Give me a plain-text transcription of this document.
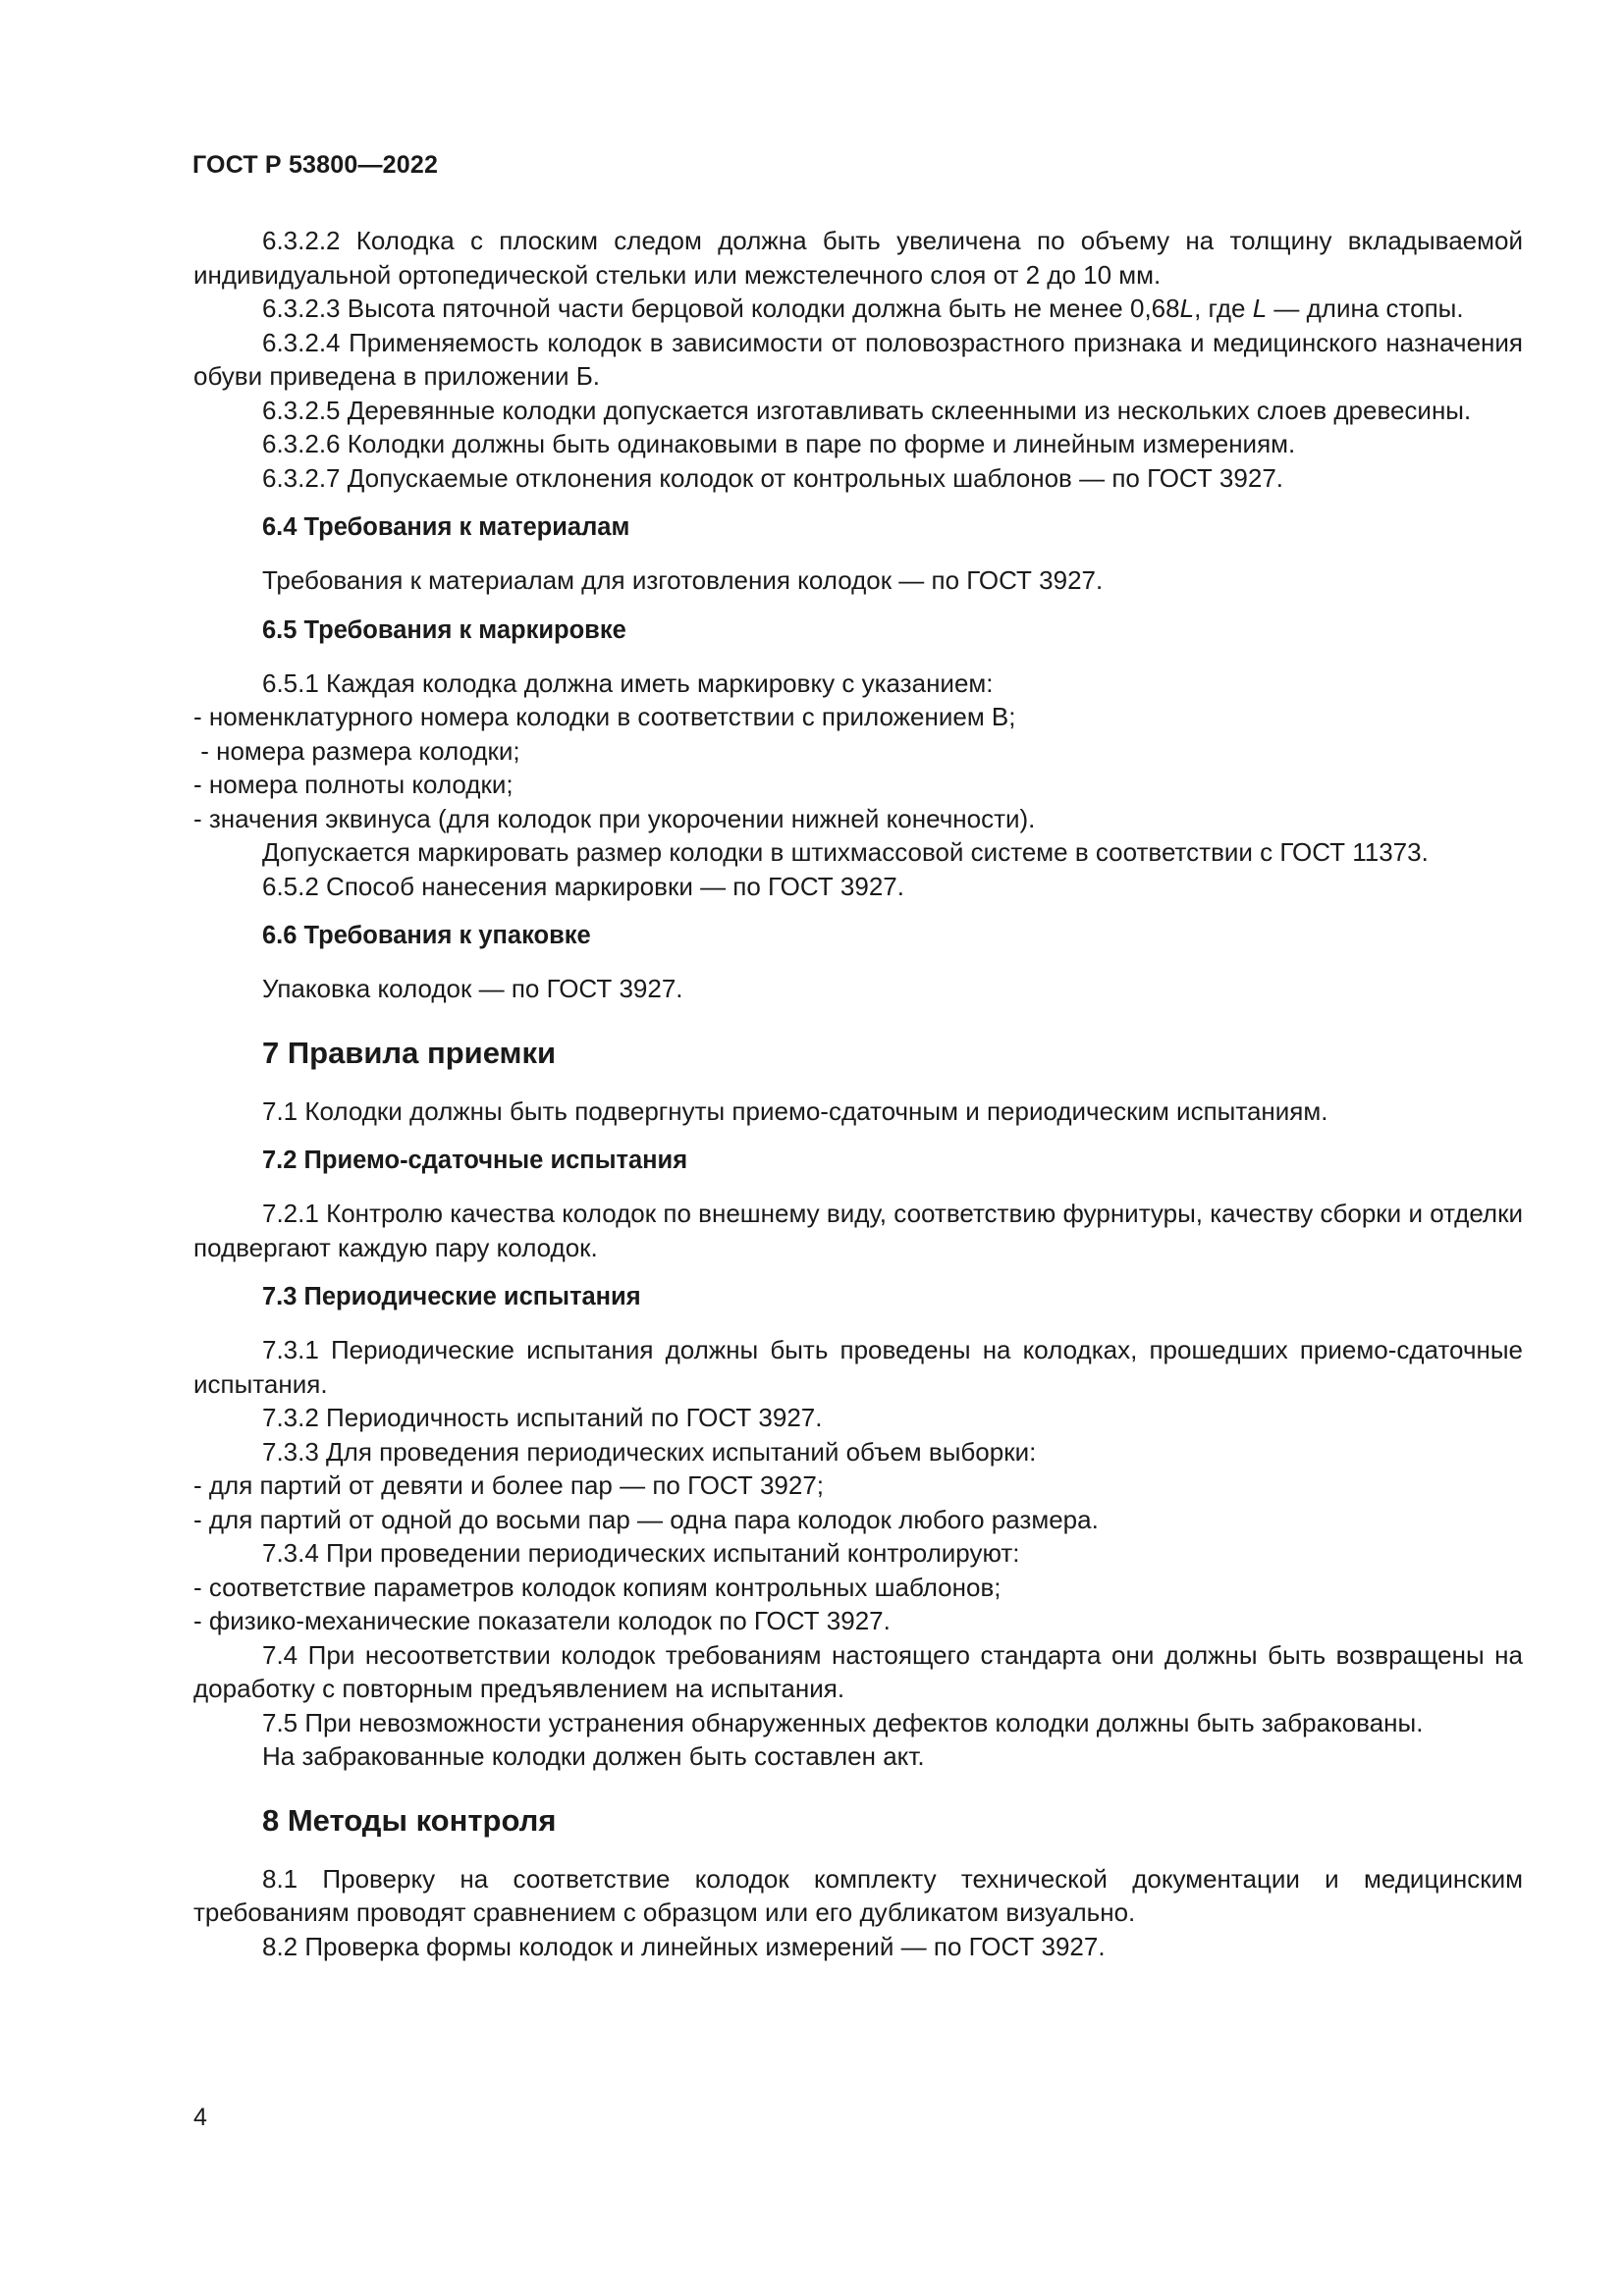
ГОСТ Р 53800—2022

6.3.2.2 Колодка с плоским следом должна быть увеличена по объему на толщину вкладываемой индивидуальной ортопедической стельки или межстелечного слоя от 2 до 10 мм.

6.3.2.3 Высота пяточной части берцовой колодки должна быть не менее 0,68L, где L — длина стопы.

6.3.2.4 Применяемость колодок в зависимости от половозрастного признака и медицинского назначения обуви приведена в приложении Б.

6.3.2.5 Деревянные колодки допускается изготавливать склеенными из нескольких слоев древесины.

6.3.2.6 Колодки должны быть одинаковыми в паре по форме и линейным измерениям.

6.3.2.7 Допускаемые отклонения колодок от контрольных шаблонов — по ГОСТ 3927.

6.4 Требования к материалам

Требования к материалам для изготовления колодок — по ГОСТ 3927.

6.5 Требования к маркировке

6.5.1 Каждая колодка должна иметь маркировку с указанием:

- номенклатурного номера колодки в соответствии с приложением В;

- номера размера колодки;

- номера полноты колодки;

- значения эквинуса (для колодок при укорочении нижней конечности).

Допускается маркировать размер колодки в штихмассовой системе в соответствии с ГОСТ 11373.

6.5.2 Способ нанесения маркировки — по ГОСТ 3927.

6.6 Требования к упаковке

Упаковка колодок — по ГОСТ 3927.

7 Правила приемки

7.1 Колодки должны быть подвергнуты приемо-сдаточным и периодическим испытаниям.

7.2 Приемо-сдаточные испытания

7.2.1 Контролю качества колодок по внешнему виду, соответствию фурнитуры, качеству сборки и отделки подвергают каждую пару колодок.

7.3 Периодические испытания

7.3.1 Периодические испытания должны быть проведены на колодках, прошедших приемо-сдаточные испытания.

7.3.2 Периодичность испытаний по ГОСТ 3927.

7.3.3 Для проведения периодических испытаний объем выборки:

- для партий от девяти и более пар — по ГОСТ 3927;

- для партий от одной до восьми пар — одна пара колодок любого размера.

7.3.4 При проведении периодических испытаний контролируют:

- соответствие параметров колодок копиям контрольных шаблонов;

- физико-механические показатели колодок по ГОСТ 3927.

7.4 При несоответствии колодок требованиям настоящего стандарта они должны быть возвращены на доработку с повторным предъявлением на испытания.

7.5 При невозможности устранения обнаруженных дефектов колодки должны быть забракованы.

На забракованные колодки должен быть составлен акт.

8 Методы контроля

8.1 Проверку на соответствие колодок комплекту технической документации и медицинским требованиям проводят сравнением с образцом или его дубликатом визуально.

8.2 Проверка формы колодок и линейных измерений — по ГОСТ 3927.

4
